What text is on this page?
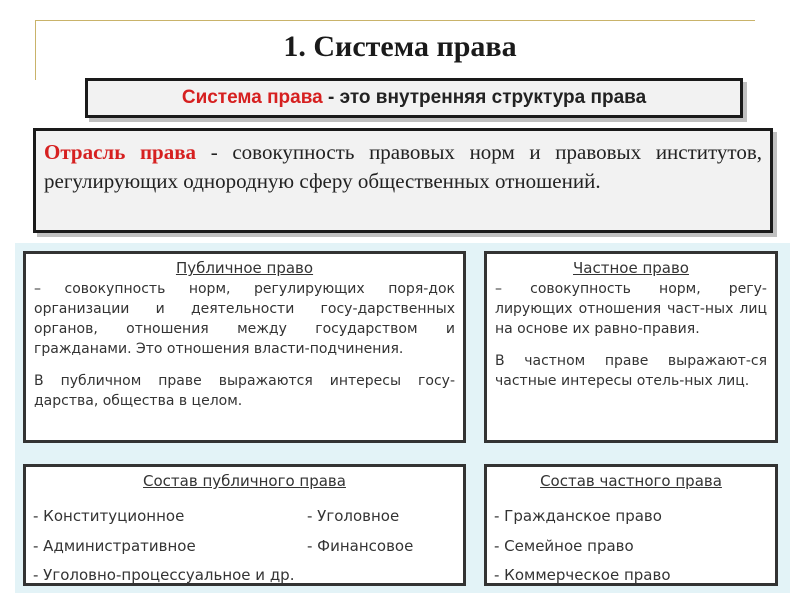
1. Система права
Система права - это внутренняя структура права
Отрасль права - совокупность правовых норм и правовых институтов, регулирующих однородную сферу общественных отношений.
Публичное право

– совокупность норм, регулирующих поря-док организации и деятельности госу-дарственных органов, отношения между государством и гражданами. Это отношения власти-подчинения.

В публичном праве выражаются интересы госу-дарства, общества в целом.

Частное право

– совокупность норм, регу-лирующих отношения част-ных лиц на основе их равно-правия.

В частном праве выражают-ся частные интересы отель-ных лиц.

Состав публичного права
- Конституционное	- Уголовное
- Административное	- Финансовое
- Уголовно-процессуальное и др.
Состав частного права
- Гражданское право
- Семейное право
- Коммерческое право
